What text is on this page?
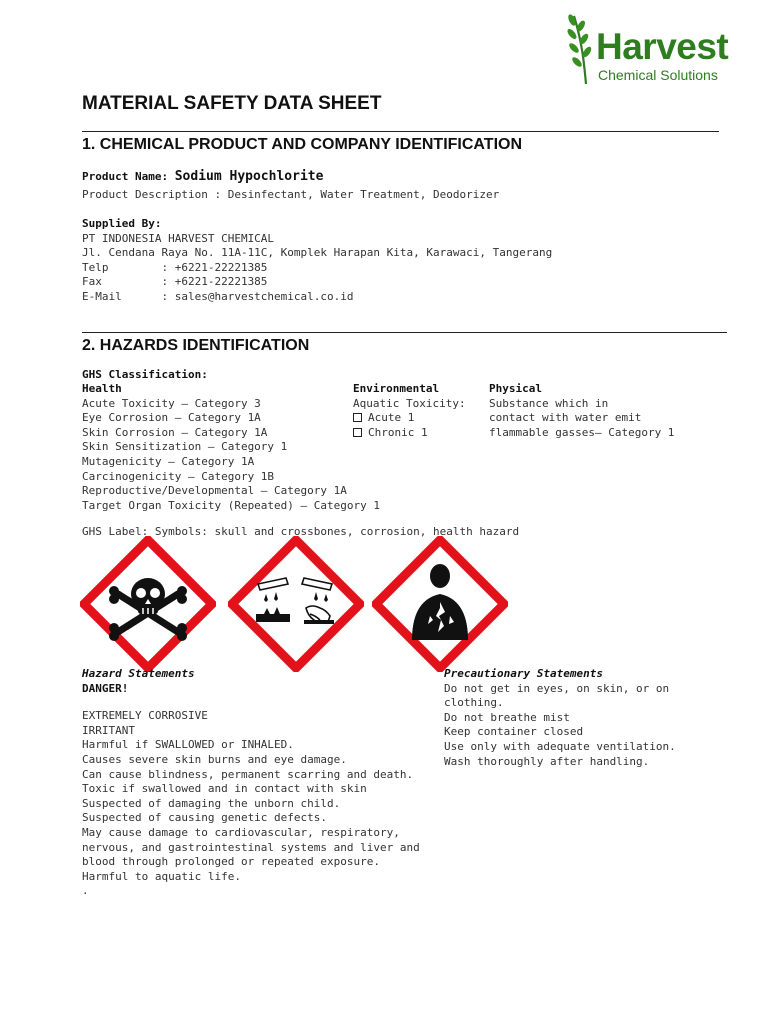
Harvest
Chemical Solutions
MATERIAL SAFETY DATA SHEET
1. CHEMICAL PRODUCT AND COMPANY IDENTIFICATION
Product Name: Sodium Hypochlorite
Product Description : Desinfectant, Water Treatment, Deodorizer
Supplied By:
PT INDONESIA HARVEST CHEMICAL
Jl. Cendana Raya No. 11A-11C, Komplek Harapan Kita, Karawaci, Tangerang
Telp        : +6221-22221385
Fax         : +6221-22221385
E-Mail      : sales@harvestchemical.co.id
2. HAZARDS IDENTIFICATION
GHS Classification:
Health
Acute Toxicity – Category 3
Eye Corrosion – Category 1A
Skin Corrosion – Category 1A
Skin Sensitization – Category 1
Mutagenicity – Category 1A
Carcinogenicity – Category 1B
Reproductive/Developmental – Category 1A
Target Organ Toxicity (Repeated) – Category 1
Environmental
Aquatic Toxicity:
Acute 1
Chronic 1
Physical
Substance which in
contact with water emit
flammable gasses– Category 1
GHS Label: Symbols: skull and crossbones, corrosion, health hazard
Hazard Statements
DANGER!
EXTREMELY CORROSIVE
IRRITANT
Harmful if SWALLOWED or INHALED.
Causes severe skin burns and eye damage.
Can cause blindness, permanent scarring and death.
Toxic if swallowed and in contact with skin
Suspected of damaging the unborn child.
Suspected of causing genetic defects.
May cause damage to cardiovascular, respiratory,
nervous, and gastrointestinal systems and liver and
blood through prolonged or repeated exposure.
Harmful to aquatic life.
.
Precautionary Statements
Do not get in eyes, on skin, or on
clothing.
Do not breathe mist
Keep container closed
Use only with adequate ventilation.
Wash thoroughly after handling.
